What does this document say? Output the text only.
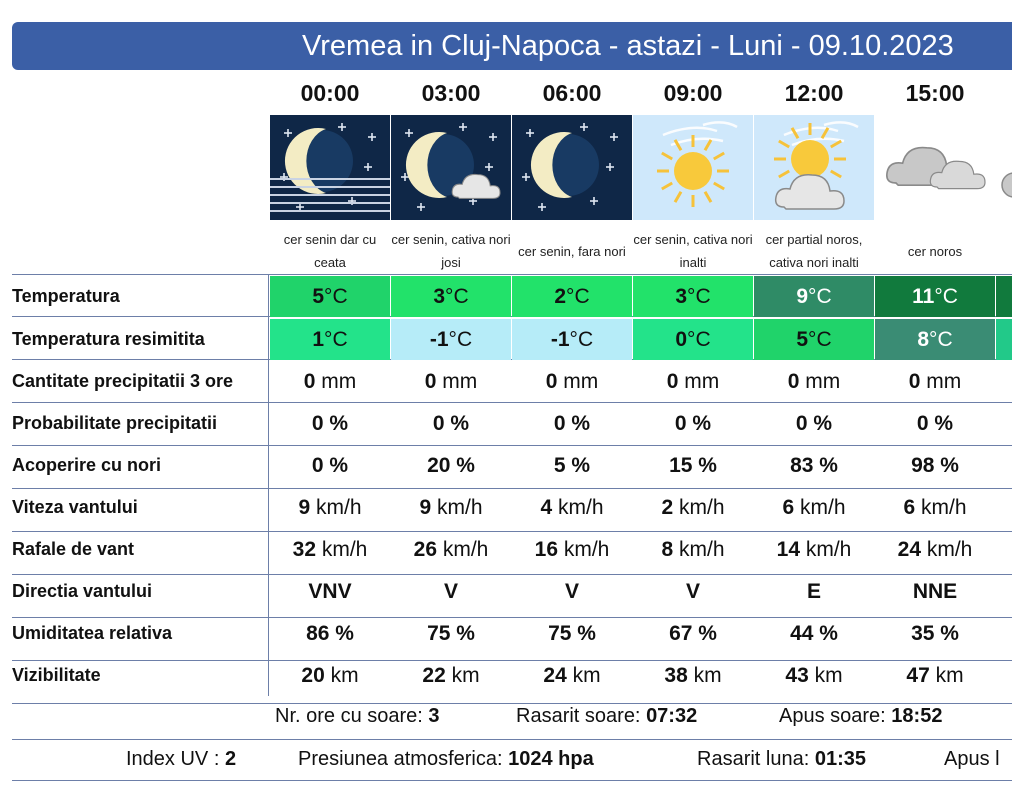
Vremea in Cluj-Napoca - astazi - Luni - 09.10.2023
00:00
cer senin dar cu ceata
03:00
cer senin, cativa nori josi
06:00
cer senin, fara nori
09:00
cer senin, cativa nori inalti
12:00
cer partial noros, cativa nori inalti
15:00
cer noros
Temperatura	5 °C	3 °C	2 °C	3 °C	9 °C	11 °C
Temperatura resimitita	1 °C	-1 °C	-1 °C	0 °C	5 °C	8 °C
Cantitate precipitatii 3 ore	0 mm	0 mm	0 mm	0 mm	0 mm	0 mm
Probabilitate precipitatii	0 %	0 %	0 %	0 %	0 %	0 %
Acoperire cu nori	0 %	20 %	5 %	15 %	83 %	98 %
Viteza vantului	9 km/h	9 km/h	4 km/h	2 km/h	6 km/h	6 km/h
Rafale de vant	32 km/h 26 km/h 16 km/h 8 km/h 14 km/h 24 km/h
Directia vantului	VNV	V	V	V	E	NNE
Umiditatea relativa	86 %	75 %	75 %	67 %	44 %	35 %
Vizibilitate	20 km	22 km	24 km	38 km	43 km	47 km
Nr. ore cu soare: 3	Rasarit soare: 07:32	Apus soare: 18:52
Index UV : 2	Presiunea atmosferica: 1024 hpa	Rasarit luna: 01:35	Apus l
